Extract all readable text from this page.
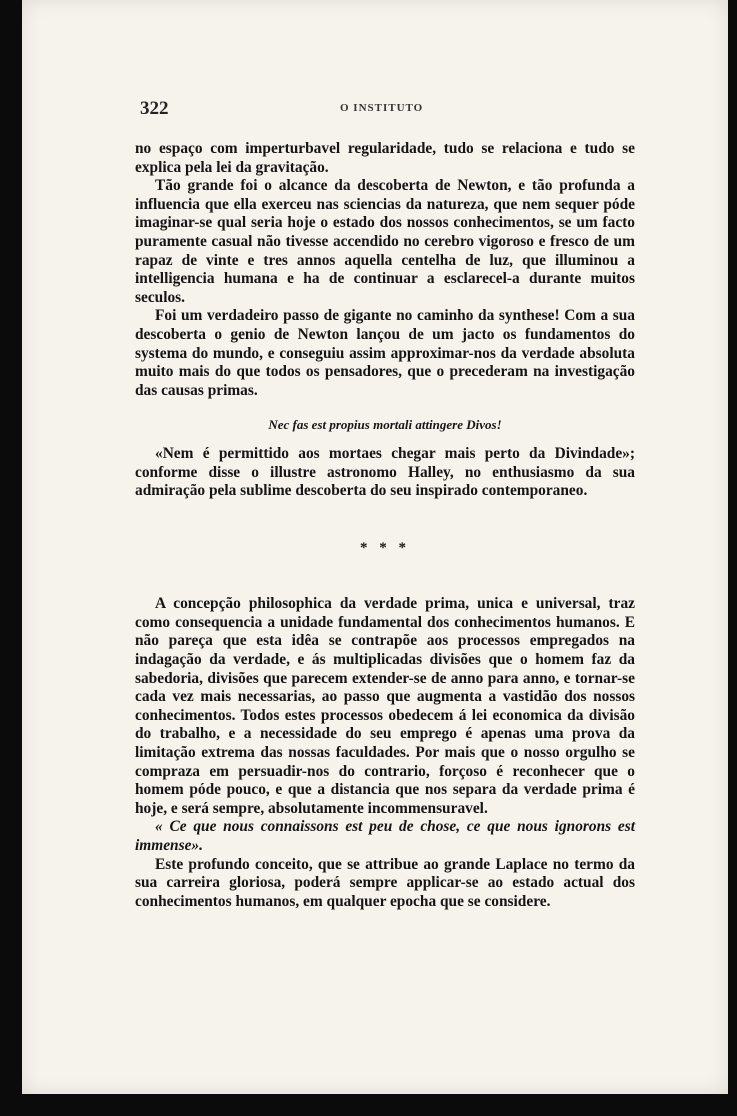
322	O INSTITUTO

no espaço com imperturbavel regularidade, tudo se relaciona e tudo se explica pela lei da gravitação.

Tão grande foi o alcance da descoberta de Newton, e tão profunda a influencia que ella exerceu nas sciencias da natureza, que nem sequer póde imaginar-se qual seria hoje o estado dos nossos conhecimentos, se um facto puramente casual não tivesse accendido no cerebro vigoroso e fresco de um rapaz de vinte e tres annos aquella centelha de luz, que illuminou a intelligencia humana e ha de continuar a esclarecel-a durante muitos seculos.

Foi um verdadeiro passo de gigante no caminho da synthese! Com a sua descoberta o genio de Newton lançou de um jacto os fundamentos do systema do mundo, e conseguiu assim approximar-nos da verdade absoluta muito mais do que todos os pensadores, que o precederam na investigação das causas primas.

Nec fas est propius mortali attingere Divos!

«Nem é permittido aos mortaes chegar mais perto da Divindade»; conforme disse o illustre astronomo Halley, no enthusiasmo da sua admiração pela sublime descoberta do seu inspirado contemporaneo.

* * *

A concepção philosophica da verdade prima, unica e universal, traz como consequencia a unidade fundamental dos conhecimentos humanos. E não pareça que esta idêa se contrapõe aos processos empregados na indagação da verdade, e ás multiplicadas divisões que o homem faz da sabedoria, divisões que parecem extender-se de anno para anno, e tornar-se cada vez mais necessarias, ao passo que augmenta a vastidão dos nossos conhecimentos. Todos estes processos obedecem á lei economica da divisão do trabalho, e a necessidade do seu emprego é apenas uma prova da limitação extrema das nossas faculdades. Por mais que o nosso orgulho se compraza em persuadir-nos do contrario, forçoso é reconhecer que o homem póde pouco, e que a distancia que nos separa da verdade prima é hoje, e será sempre, absolutamente incommensuravel.

« Ce que nous connaissons est peu de chose, ce que nous ignorons est immense».

Este profundo conceito, que se attribue ao grande Laplace no termo da sua carreira gloriosa, poderá sempre applicar-se ao estado actual dos conhecimentos humanos, em qualquer epocha que se considere.
